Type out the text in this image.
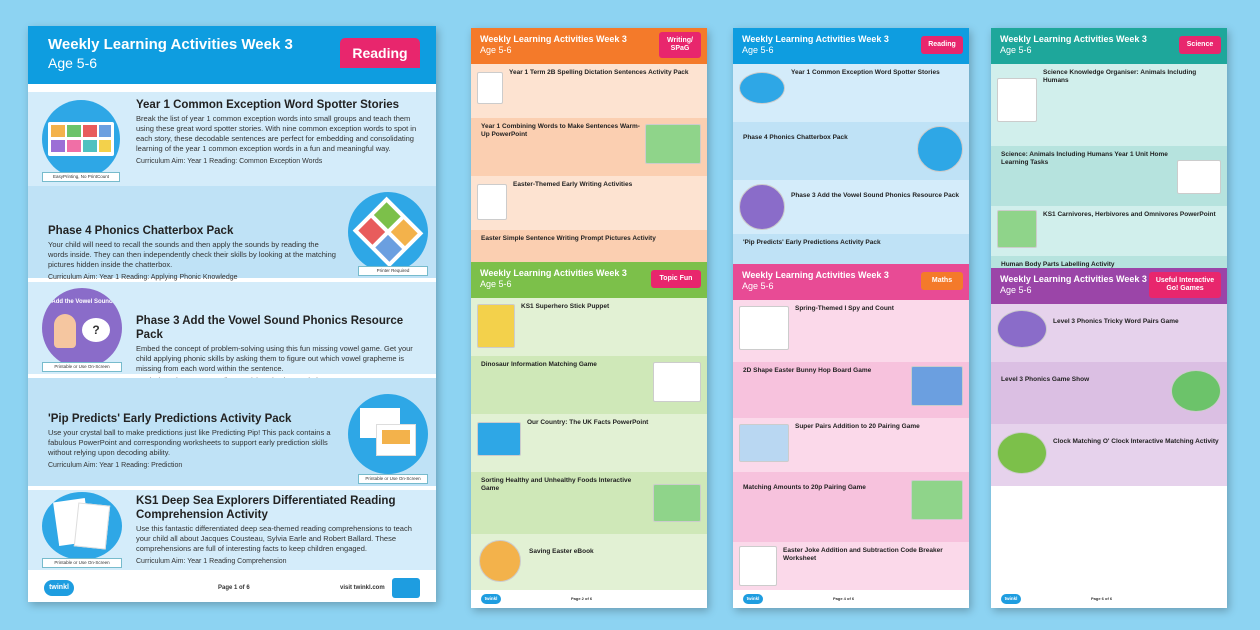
Weekly Learning Activities Week 3
Age 5-6
Reading
EasyPrinting, No PrintCount
Year 1 Common Exception Word Spotter Stories

Break the list of year 1 common exception words into small groups and teach them using these great word spotter stories. With nine common exception words to spot in each story, these decodable sentences are perfect for embedding and consolidating learning of the year 1 common exception words in a fun and meaningful way.

Curriculum Aim: Year 1 Reading: Common Exception Words

Phase 4 Phonics Chatterbox Pack

Your child will need to recall the sounds and then apply the sounds by reading the words inside. They can then independently check their skills by looking at the matching pictures hidden inside the chatterbox.

Curriculum Aim: Year 1 Reading: Applying Phonic Knowledge

Printer Required
Add the Vowel Sound
?
Printable or Use On-Screen
Phase 3 Add the Vowel Sound Phonics Resource Pack

Embed the concept of problem-solving using this fun missing vowel game. Get your child applying phonic skills by asking them to figure out which vowel grapheme is missing from each word within the sentence.

'Pip Predicts' Early Predictions Activity Pack

Use your crystal ball to make predictions just like Predicting Pip! This pack contains a fabulous PowerPoint and corresponding worksheets to support early prediction skills without relying upon decoding ability.

Curriculum Aim: Year 1 Reading: Prediction

Printable or Use On-Screen
Printable or Use On-Screen
KS1 Deep Sea Explorers Differentiated Reading Comprehension Activity

Use this fantastic differentiated deep sea-themed reading comprehensions to teach your child all about Jacques Cousteau, Sylvia Earle and Robert Ballard. These comprehensions are full of interesting facts to keep children engaged.

Curriculum Aim: Year 1 Reading Comprehension

twinkl	Page 1 of 6	visit twinkl.com
Weekly Learning Activities Week 3
Age 5-6
Writing/ SPaG
Year 1 Term 2B Spelling Dictation Sentences Activity Pack
Year 1 Combining Words to Make Sentences Warm-Up PowerPoint
Easter-Themed Early Writing Activities
Easter Simple Sentence Writing Prompt Pictures Activity
Weekly Learning Activities Week 3
Age 5-6
Topic Fun
KS1 Superhero Stick Puppet
Dinosaur Information Matching Game
Our Country: The UK Facts PowerPoint
Sorting Healthy and Unhealthy Foods Interactive Game
Saving Easter eBook
twinkl	Page 2 of 6
Weekly Learning Activities Week 3
Age 5-6
Reading
Year 1 Common Exception Word Spotter Stories
Phase 4 Phonics Chatterbox Pack
Phase 3 Add the Vowel Sound Phonics Resource Pack
'Pip Predicts' Early Predictions Activity Pack
Weekly Learning Activities Week 3
Age 5-6
Maths
Spring-Themed I Spy and Count
2D Shape Easter Bunny Hop Board Game
Super Pairs Addition to 20 Pairing Game
Matching Amounts to 20p Pairing Game
Easter Joke Addition and Subtraction Code Breaker Worksheet
twinkl	Page 4 of 6
Weekly Learning Activities Week 3
Age 5-6
Science
Science Knowledge Organiser: Animals Including Humans
Science: Animals Including Humans Year 1 Unit Home Learning Tasks
KS1 Carnivores, Herbivores and Omnivores PowerPoint
Human Body Parts Labelling Activity
Weekly Learning Activities Week 3
Age 5-6
Useful Interactive Go! Games
Level 3 Phonics Tricky Word Pairs Game
Level 3 Phonics Game Show
Clock Matching O' Clock Interactive Matching Activity
twinkl	Page 6 of 6
